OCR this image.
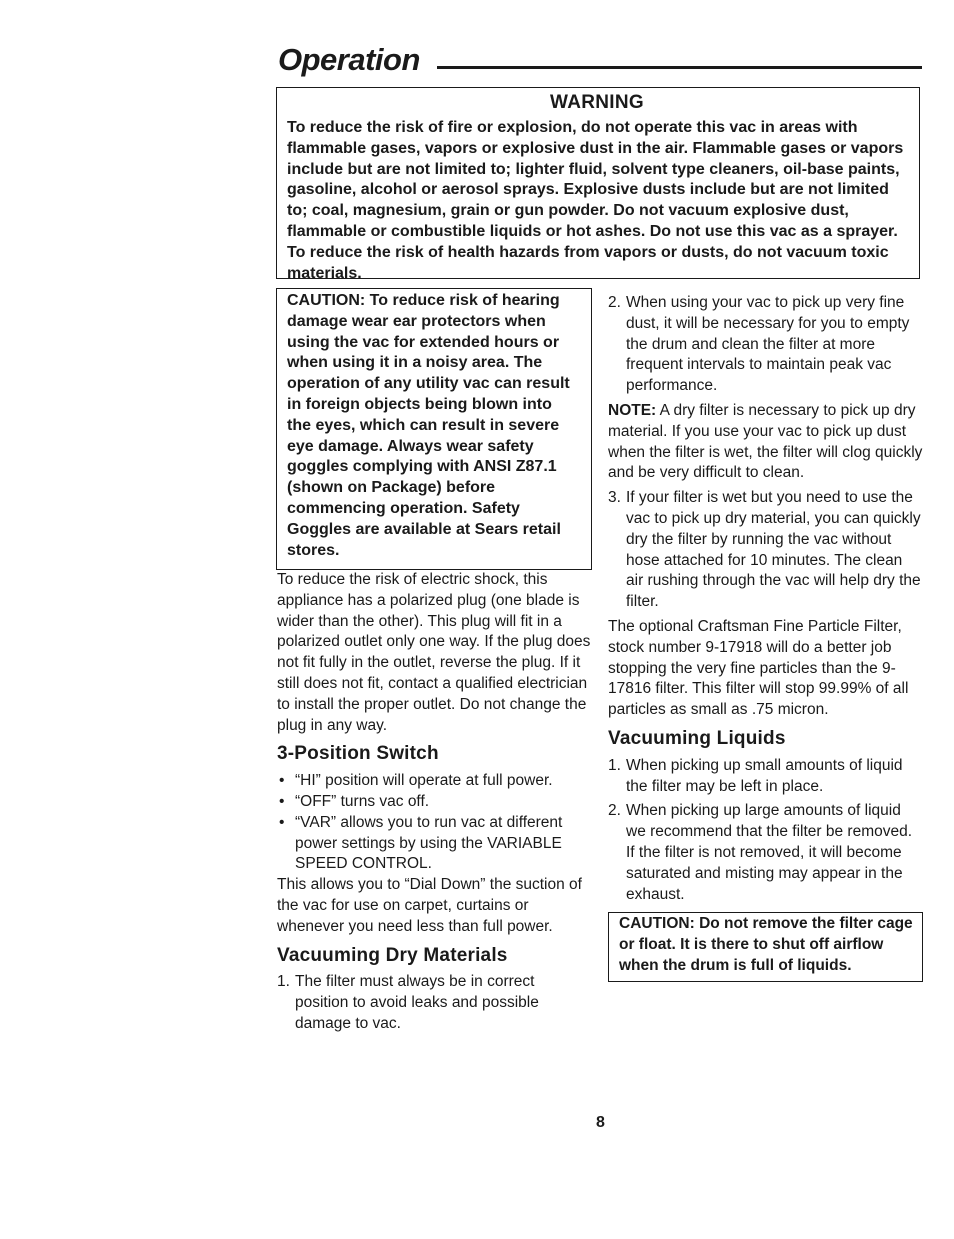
Operation
WARNING

To reduce the risk of fire or explosion, do not operate this vac in areas with flammable gases, vapors or explosive dust in the air. Flammable gases or vapors include but are not limited to; lighter fluid, solvent type cleaners, oil-base paints, gasoline, alcohol or aerosol sprays. Explosive dusts include but are not limited to; coal, magnesium, grain or gun powder. Do not vacuum explosive dust, flammable or combustible liquids or hot ashes. Do not use this vac as a sprayer. To reduce the risk of health hazards from vapors or dusts, do not vacuum toxic materials.

CAUTION: To reduce risk of hearing damage wear ear protectors when using the vac for extended hours or when using it in a noisy area. The operation of any utility vac can result in foreign objects being blown into the eyes, which can result in severe eye damage. Always wear safety goggles complying with ANSI Z87.1 (shown on Package) before commencing operation. Safety Goggles are available at Sears retail stores.

To reduce the risk of electric shock, this appliance has a polarized plug (one blade is wider than the other). This plug will fit in a polarized outlet only one way. If the plug does not fit fully in the outlet, reverse the plug. If it still does not fit, contact a qualified electrician to install the proper outlet. Do not change the plug in any way.

3-Position Switch
• “HI” position will operate at full power.
• “OFF” turns vac off.
• “VAR” allows you to run vac at different power settings by using the VARIABLE SPEED CONTROL.

This allows you to “Dial Down” the suction of the vac for use on carpet, curtains or whenever you need less than full power.

Vacuuming Dry Materials
1. The filter must always be in correct position to avoid leaks and possible damage to vac.
2. When using your vac to pick up very fine dust, it will be necessary for you to empty the drum and clean the filter at more frequent intervals to maintain peak vac performance.

NOTE: A dry filter is necessary to pick up dry material. If you use your vac to pick up dust when the filter is wet, the filter will clog quickly and be very difficult to clean.

3. If your filter is wet but you need to use the vac to pick up dry material, you can quickly dry the filter by running the vac without hose attached for 10 minutes. The clean air rushing through the vac will help dry the filter.

The optional Craftsman Fine Particle Filter, stock number 9-17918 will do a better job stopping the very fine particles than the 9-17816 filter. This filter will stop 99.99% of all particles as small as .75 micron.

Vacuuming Liquids
1. When picking up small amounts of liquid the filter may be left in place.
2. When picking up large amounts of liquid we recommend that the filter be removed. If the filter is not removed, it will become saturated and misting may appear in the exhaust.
CAUTION: Do not remove the filter cage or float. It is there to shut off airflow when the drum is full of liquids.
8
